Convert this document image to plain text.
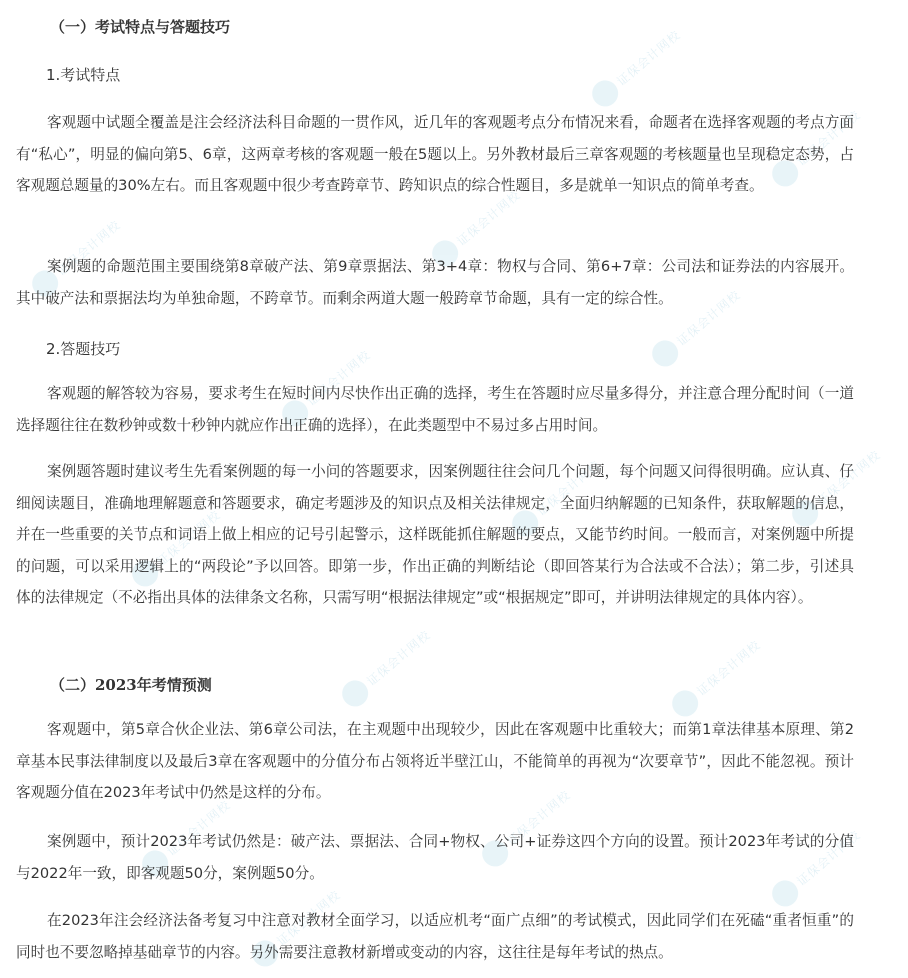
证保会计网校
证保会计网校
证保会计网校
证保会计网校
证保会计网校
证保会计网校
证保会计网校	证保会计网校
证保会计网校	证保会计网校
证保会计网校	证保会计网校
证保会计网校
证保会计网校
证保会计网校
（一）考试特点与答题技巧
1.考试特点
客观题中试题全覆盖是注会经济法科目命题的一贯作风，近几年的客观题考点分布情况来看，命题者在选择客观题的考点方面有“私心”，明显的偏向第5、6章，这两章考核的客观题一般在5题以上。另外教材最后三章客观题的考核题量也呈现稳定态势，占客观题总题量的30%左右。而且客观题中很少考查跨章节、跨知识点的综合性题目，多是就单一知识点的简单考查。
案例题的命题范围主要围绕第8章破产法、第9章票据法、第3+4章：物权与合同、第6+7章：公司法和证券法的内容展开。其中破产法和票据法均为单独命题，不跨章节。而剩余两道大题一般跨章节命题，具有一定的综合性。
2.答题技巧
客观题的解答较为容易，要求考生在短时间内尽快作出正确的选择，考生在答题时应尽量多得分，并注意合理分配时间（一道选择题往往在数秒钟或数十秒钟内就应作出正确的选择），在此类题型中不易过多占用时间。
案例题答题时建议考生先看案例题的每一小问的答题要求，因案例题往往会问几个问题，每个问题又问得很明确。应认真、仔细阅读题目，准确地理解题意和答题要求，确定考题涉及的知识点及相关法律规定，全面归纳解题的已知条件，获取解题的信息，并在一些重要的关节点和词语上做上相应的记号引起警示，这样既能抓住解题的要点，又能节约时间。一般而言，对案例题中所提的问题，可以采用逻辑上的“两段论”予以回答。即第一步，作出正确的判断结论（即回答某行为合法或不合法）；第二步，引述具体的法律规定（不必指出具体的法律条文名称，只需写明“根据法律规定”或“根据规定”即可，并讲明法律规定的具体内容）。
（二）2023年考情预测
客观题中，第5章合伙企业法、第6章公司法，在主观题中出现较少，因此在客观题中比重较大；而第1章法律基本原理、第2章基本民事法律制度以及最后3章在客观题中的分值分布占领将近半壁江山，不能简单的再视为“次要章节”，因此不能忽视。预计客观题分值在2023年考试中仍然是这样的分布。
案例题中，预计2023年考试仍然是：破产法、票据法、合同+物权、公司+证券这四个方向的设置。预计2023年考试的分值与2022年一致，即客观题50分，案例题50分。
在2023年注会经济法备考复习中注意对教材全面学习，以适应机考“面广点细”的考试模式，因此同学们在死磕“重者恒重”的同时也不要忽略掉基础章节的内容。另外需要注意教材新增或变动的内容，这往往是每年考试的热点。
